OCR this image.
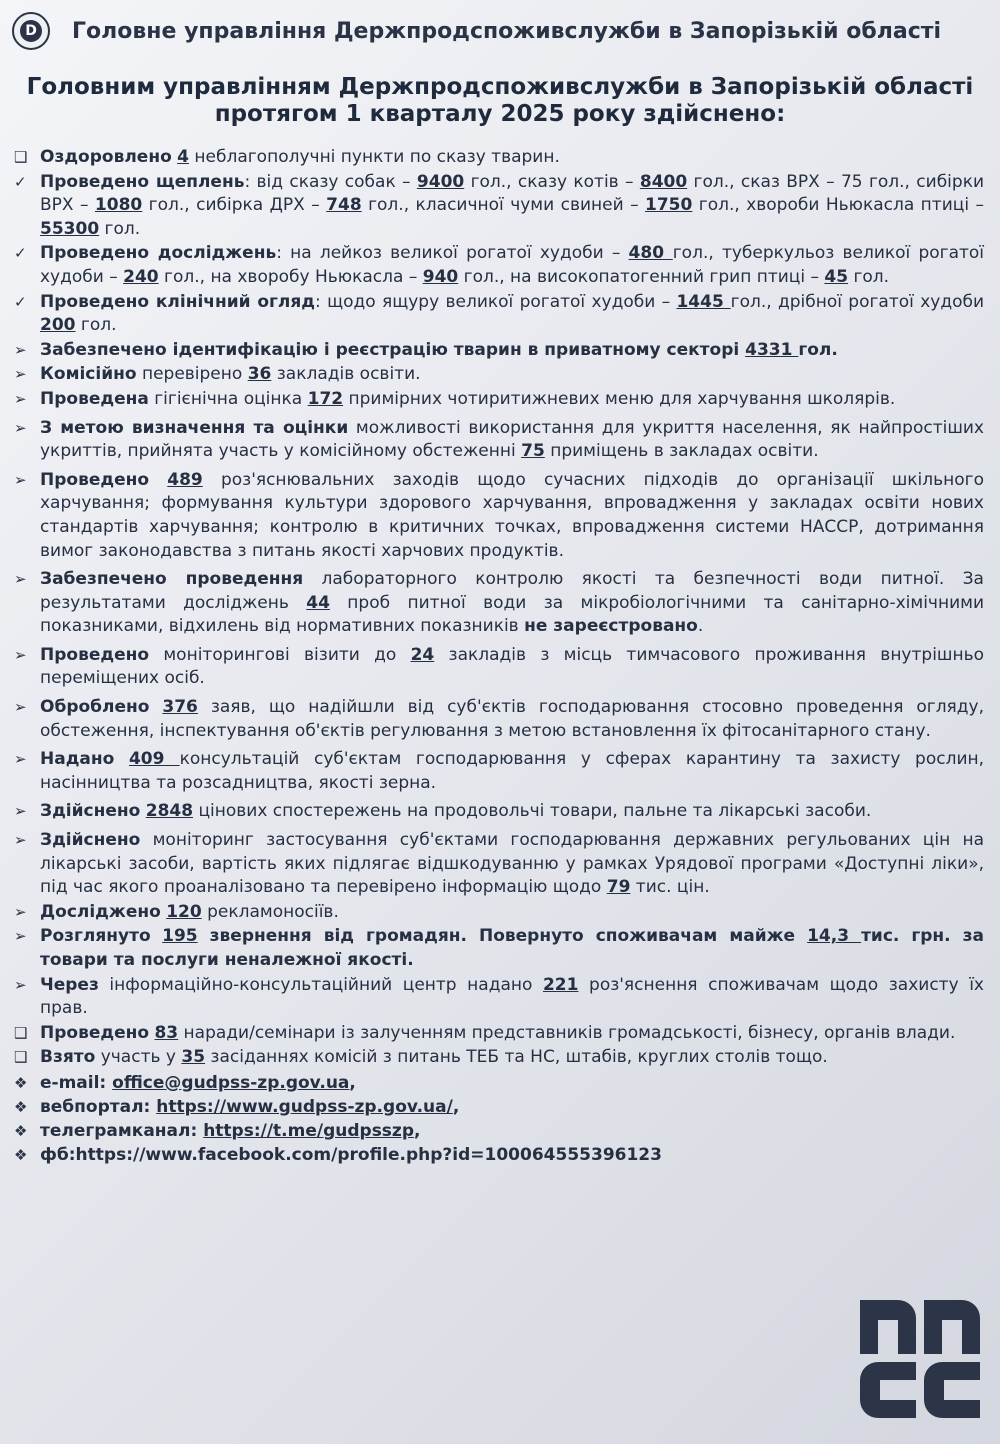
D Головне управління Держпродспоживслужби в Запорізькій області
Головним управлінням Держпродспоживслужби в Запорізькій області
протягом 1 кварталу 2025 року здійснено:
❑ Оздоровлено 4 неблагополучні пункти по сказу тварин.
✓ Проведено щеплень: від сказу собак – 9400 гол., сказу котів – 8400 гол., сказ ВРХ – 75 гол., сибірки ВРХ – 1080 гол., сибірка ДРХ – 748 гол., класичної чуми свиней – 1750 гол., хвороби Ньюкасла птиці – 55300 гол.
✓ Проведено досліджень: на лейкоз великої рогатої худоби – 480 гол., туберкульоз великої рогатої худоби – 240 гол., на хворобу Ньюкасла – 940 гол., на високопатогенний грип птиці – 45 гол.
✓ Проведено клінічний огляд: щодо ящуру великої рогатої худоби – 1445 гол., дрібної рогатої худоби 200 гол.
➢ Забезпечено ідентифікацію і реєстрацію тварин в приватному секторі 4331 гол.
➢ Комісійно перевірено 36 закладів освіти.
➢ Проведена гігієнічна оцінка 172 примірних чотиритижневих меню для харчування школярів.
➢ З метою визначення та оцінки можливості використання для укриття населення, як найпростіших укриттів, прийнята участь у комісійному обстеженні 75 приміщень в закладах освіти.
➢ Проведено 489 роз'яснювальних заходів щодо сучасних підходів до організації шкільного харчування; формування культури здорового харчування, впровадження у закладах освіти нових стандартів харчування; контролю в критичних точках, впровадження системи НАССР, дотримання вимог законодавства з питань якості харчових продуктів.
➢ Забезпечено проведення лабораторного контролю якості та безпечності води питної. За результатами досліджень 44 проб питної води за мікробіологічними та санітарно-хімічними показниками, відхилень від нормативних показників не зареєстровано.
➢ Проведено моніторингові візити до 24 закладів з місць тимчасового проживання внутрішньо переміщених осіб.
➢ Оброблено 376 заяв, що надійшли від суб'єктів господарювання стосовно проведення огляду, обстеження, інспектування об'єктів регулювання з метою встановлення їх фітосанітарного стану.
➢ Надано 409 консультацій суб'єктам господарювання у сферах карантину та захисту рослин, насінництва та розсадництва, якості зерна.
➢ Здійснено 2848 цінових спостережень на продовольчі товари, пальне та лікарські засоби.
➢ Здійснено моніторинг застосування суб'єктами господарювання державних регульованих цін на лікарські засоби, вартість яких підлягає відшкодуванню у рамках Урядової програми «Доступні ліки», під час якого проаналізовано та перевірено інформацію щодо 79 тис. цін.
➢ Досліджено 120 рекламоносіїв.
➢ Розглянуто 195 звернення від громадян. Повернуто споживачам майже 14,3 тис. грн. за товари та послуги неналежної якості.
➢ Через інформаційно-консультаційний центр надано 221 роз'яснення споживачам щодо захисту їх прав.
❑ Проведено 83 наради/семінари із залученням представників громадськості, бізнесу, органів влади.
❑ Взято участь у 35 засіданнях комісій з питань ТЕБ та НС, штабів, круглих столів тощо.
❖ e-mail: office@gudpss-zp.gov.ua,
❖ вебпортал: https://www.gudpss-zp.gov.ua/,
❖ телеграмканал: https://t.me/gudpsszp,
❖ фб:https://www.facebook.com/profile.php?id=100064555396123
